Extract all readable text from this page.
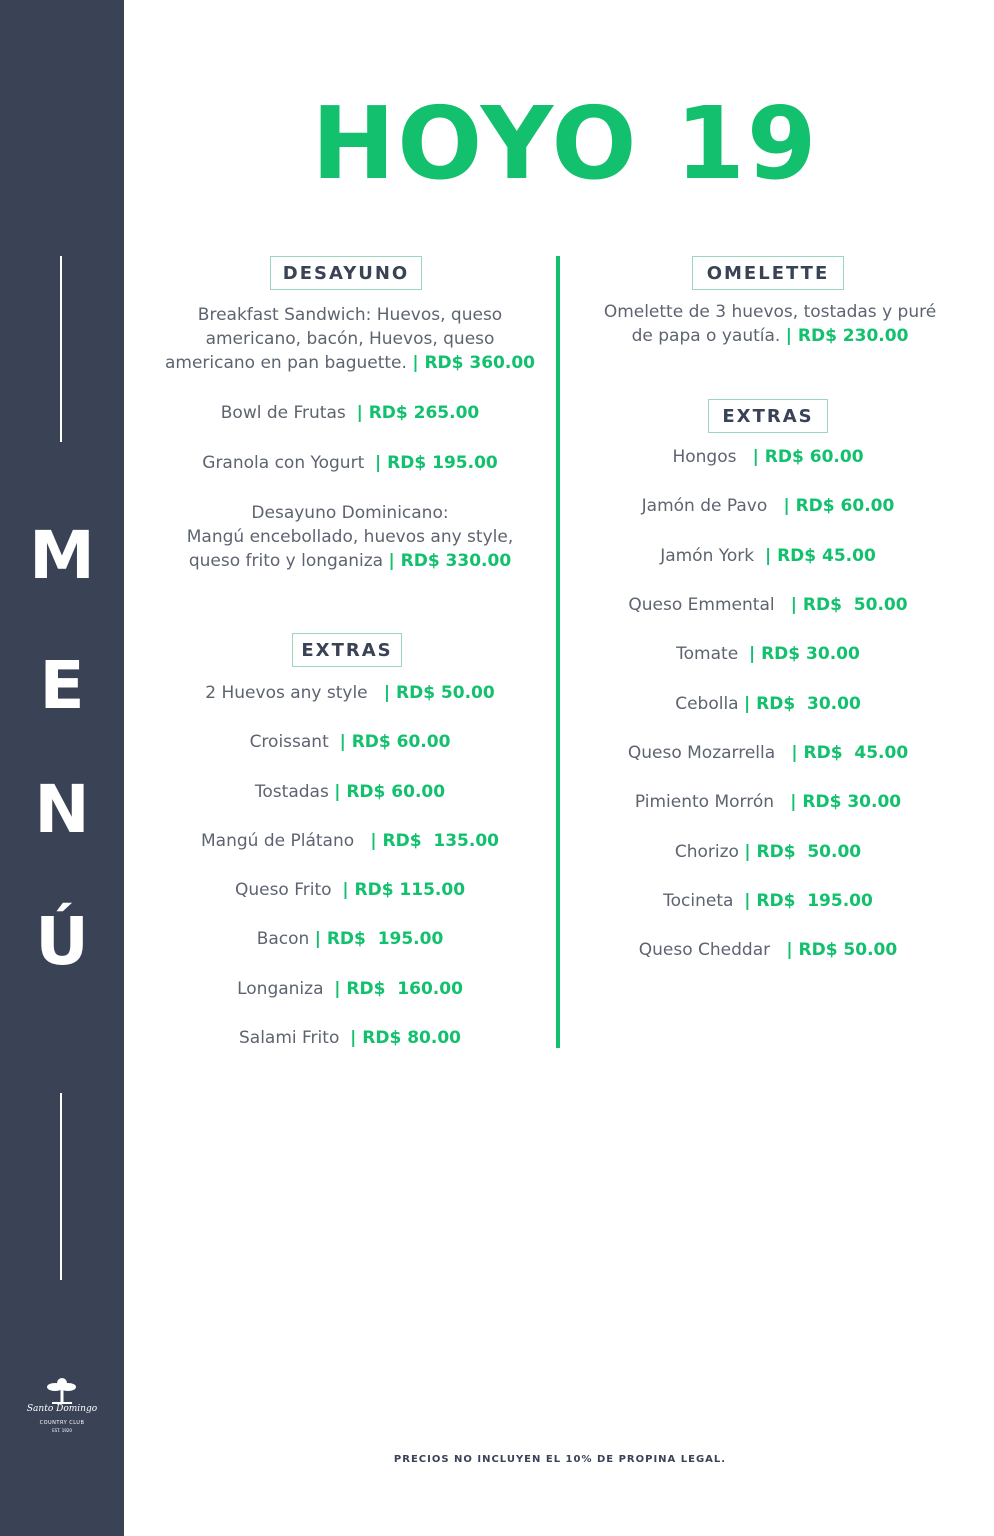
M
E
N
Ú
Santo Domingo
COUNTRY CLUB
EST. 1920
HOYO 19
DESAYUNO
Breakfast Sandwich: Huevos, queso
americano, bacón, Huevos, queso
americano en pan baguette. | RD$ 360.00
Bowl de Frutas  | RD$ 265.00
Granola con Yogurt  | RD$ 195.00
Desayuno Dominicano:
Mangú encebollado, huevos any style,
queso frito y longaniza | RD$ 330.00
EXTRAS
2 Huevos any style   | RD$ 50.00
Croissant  | RD$ 60.00
Tostadas | RD$ 60.00
Mangú de Plátano   | RD$  135.00
Queso Frito  | RD$ 115.00
Bacon | RD$  195.00
Longaniza  | RD$  160.00
Salami Frito  | RD$ 80.00
OMELETTE
Omelette de 3 huevos, tostadas y puré
de papa o yautía. | RD$ 230.00
EXTRAS
Hongos   | RD$ 60.00
Jamón de Pavo   | RD$ 60.00
Jamón York  | RD$ 45.00
Queso Emmental   | RD$  50.00
Tomate  | RD$ 30.00
Cebolla | RD$  30.00
Queso Mozarrella   | RD$  45.00
Pimiento Morrón   | RD$ 30.00
Chorizo | RD$  50.00
Tocineta  | RD$  195.00
Queso Cheddar   | RD$ 50.00
PRECIOS NO INCLUYEN EL 10% DE PROPINA LEGAL.
